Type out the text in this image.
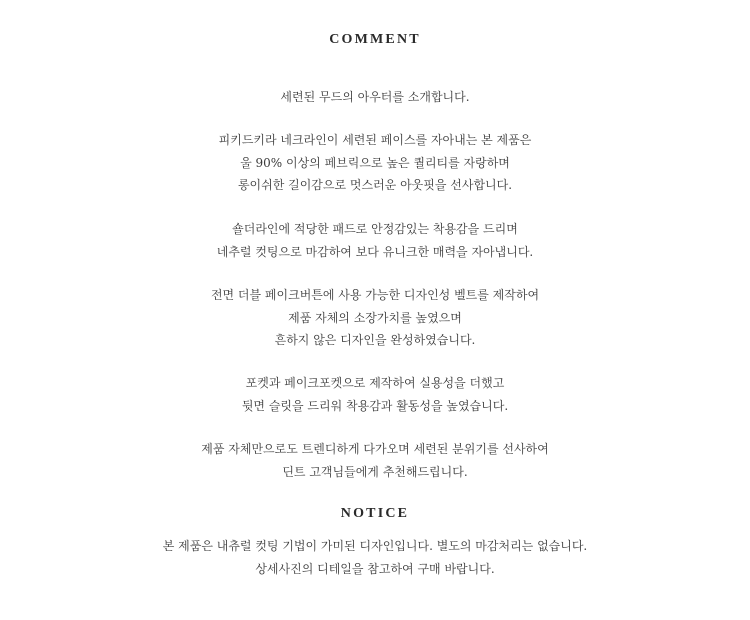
COMMENT
세련된 무드의 아우터를 소개합니다.
피키드키라 네크라인이 세련된 페이스를 자아내는 본 제품은
울 90% 이상의 페브릭으로 높은 퀄리티를 자랑하며
롱이쉬한 길이감으로 멋스러운 아웃핏을 선사합니다.
숄더라인에 적당한 패드로 안정감있는 착용감을 드리며
네추럴 컷팅으로 마감하여 보다 유니크한 매력을 자아냅니다.
전면 더블 페이크버튼에 사용 가능한 디자인성 벨트를 제작하여
제품 자체의 소장가치를 높였으며
흔하지 않은 디자인을 완성하였습니다.
포켓과 페이크포켓으로 제작하여 실용성을 더했고
뒷면 슬릿을 드리워 착용감과 활동성을 높였습니다.
제품 자체만으로도 트렌디하게 다가오며 세련된 분위기를 선사하여
딘트 고객님들에게 추천해드립니다.
NOTICE
본 제품은 내츄럴 컷팅 기법이 가미된 디자인입니다. 별도의 마감처리는 없습니다.
상세사진의 디테일을 참고하여 구매 바랍니다.
